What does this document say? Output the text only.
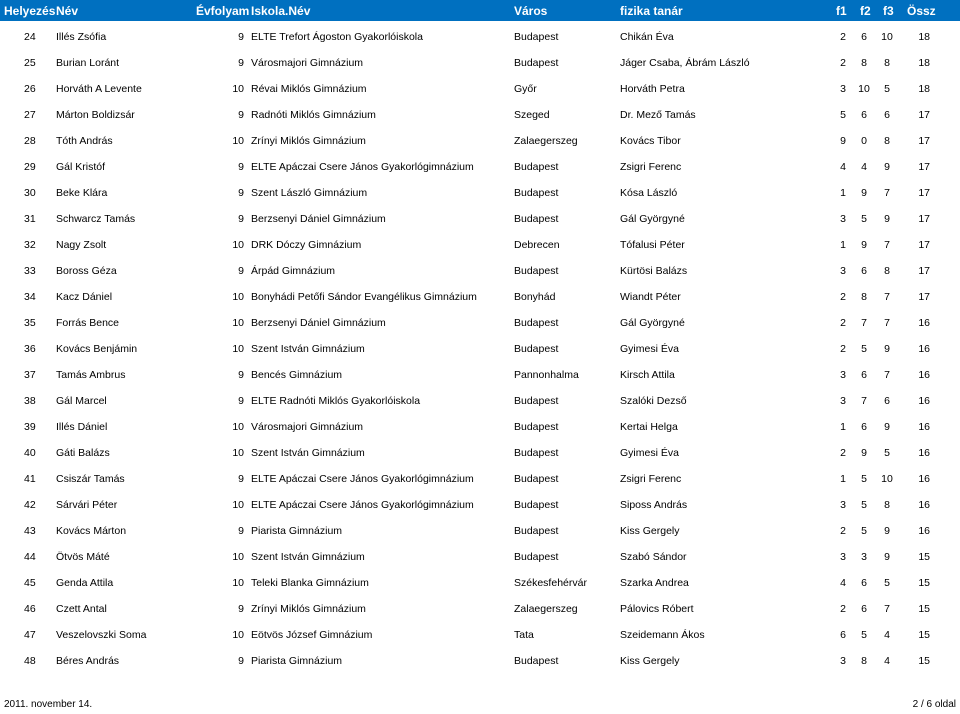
Helyezés Név	Évfolyam Iskola.Név	Város	fizika tanár	f1 f2 f3 Össz
24 Illés Zsófia	9 ELTE Trefort Ágoston Gyakorlóiskola	Budapest	Chikán Éva	2	6	10	18
25 Burian Loránt	9 Városmajori Gimnázium	Budapest	Jáger Csaba, Ábrám László	2	8	8	18
26 Horváth A Levente	10 Révai Miklós Gimnázium	Győr	Horváth Petra	3	10	5	18
27 Márton Boldizsár	9 Radnóti Miklós Gimnázium	Szeged	Dr. Mező Tamás	5	6	6	17
28 Tóth András	10 Zrínyi Miklós Gimnázium	Zalaegerszeg	Kovács Tibor	9	0	8	17
29 Gál Kristóf	9 ELTE Apáczai Csere János Gyakorlógimnázium	Budapest	Zsigri Ferenc	4	4	9	17
30 Beke Klára	9 Szent László Gimnázium	Budapest	Kósa László	1	9	7	17
31 Schwarcz Tamás	9 Berzsenyi Dániel Gimnázium	Budapest	Gál Györgyné	3	5	9	17
32 Nagy Zsolt	10 DRK Dóczy Gimnázium	Debrecen	Tófalusi Péter	1	9	7	17
33 Boross Géza	9 Árpád Gimnázium	Budapest	Kürtösi Balázs	3	6	8	17
34 Kacz Dániel	10 Bonyhádi Petőfi Sándor Evangélikus Gimnázium	Bonyhád	Wiandt Péter	2	8	7	17
35 Forrás Bence	10 Berzsenyi Dániel Gimnázium	Budapest	Gál Györgyné	2	7	7	16
36 Kovács Benjámin	10 Szent István Gimnázium	Budapest	Gyimesi Éva	2	5	9	16
37 Tamás Ambrus	9 Bencés Gimnázium	Pannonhalma	Kirsch Attila	3	6	7	16
38 Gál Marcel	9 ELTE Radnóti Miklós Gyakorlóiskola	Budapest	Szalóki Dezső	3	7	6	16
39 Illés Dániel	10 Városmajori Gimnázium	Budapest	Kertai Helga	1	6	9	16
40 Gáti Balázs	10 Szent István Gimnázium	Budapest	Gyimesi Éva	2	9	5	16
41 Csiszár Tamás	9 ELTE Apáczai Csere János Gyakorlógimnázium	Budapest	Zsigri Ferenc	1	5	10	16
42 Sárvári Péter	10 ELTE Apáczai Csere János Gyakorlógimnázium	Budapest	Siposs András	3	5	8	16
43 Kovács Márton	9 Piarista Gimnázium	Budapest	Kiss Gergely	2	5	9	16
44 Ötvös Máté	10 Szent István Gimnázium	Budapest	Szabó Sándor	3	3	9	15
45 Genda Attila	10 Teleki Blanka Gimnázium	Székesfehérvár	Szarka Andrea	4	6	5	15
46 Czett Antal	9 Zrínyi Miklós Gimnázium	Zalaegerszeg	Pálovics Róbert	2	6	7	15
47 Veszelovszki Soma	10 Eötvös József Gimnázium	Tata	Szeidemann Ákos	6	5	4	15
48 Béres András	9 Piarista Gimnázium	Budapest	Kiss Gergely	3	8	4	15
2011. november 14.	2 / 6 oldal
